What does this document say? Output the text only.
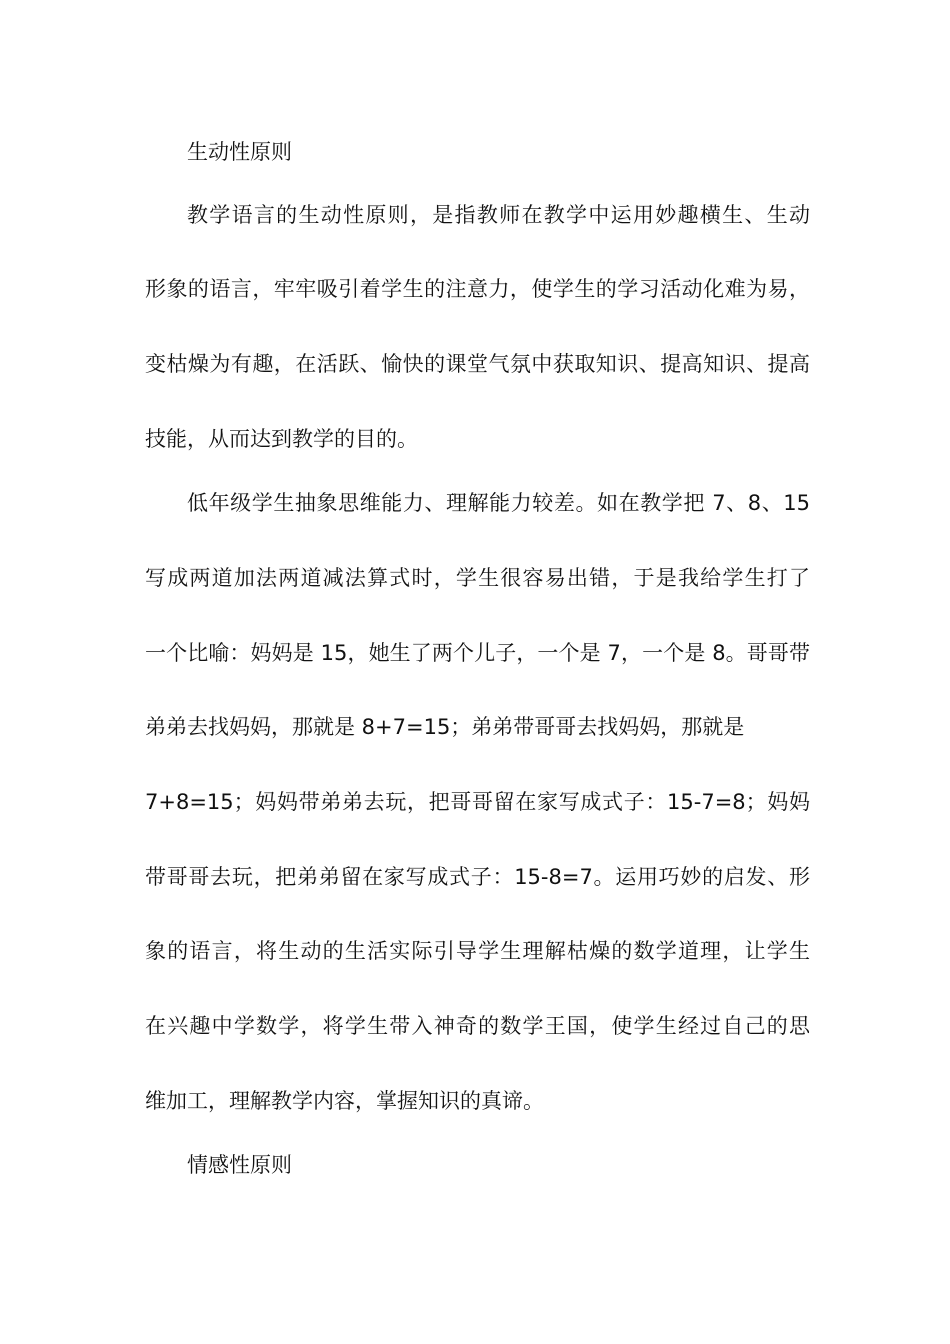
生动性原则
教学语言的生动性原则，是指教师在教学中运用妙趣横生、生动
形象的语言，牢牢吸引着学生的注意力，使学生的学习活动化难为易，
变枯燥为有趣，在活跃、愉快的课堂气氛中获取知识、提高知识、提高
技能，从而达到教学的目的。
低年级学生抽象思维能力、理解能力较差。如在教学把 7、8、15
写成两道加法两道减法算式时，学生很容易出错，于是我给学生打了
一个比喻：妈妈是 15，她生了两个儿子，一个是 7，一个是 8。哥哥带
弟弟去找妈妈，那就是 8+7=15；弟弟带哥哥去找妈妈，那就是
7+8=15；妈妈带弟弟去玩，把哥哥留在家写成式子：15-7=8；妈妈
带哥哥去玩，把弟弟留在家写成式子：15-8=7。运用巧妙的启发、形
象的语言，将生动的生活实际引导学生理解枯燥的数学道理，让学生
在兴趣中学数学，将学生带入神奇的数学王国，使学生经过自己的思
维加工，理解教学内容，掌握知识的真谛。
情感性原则
